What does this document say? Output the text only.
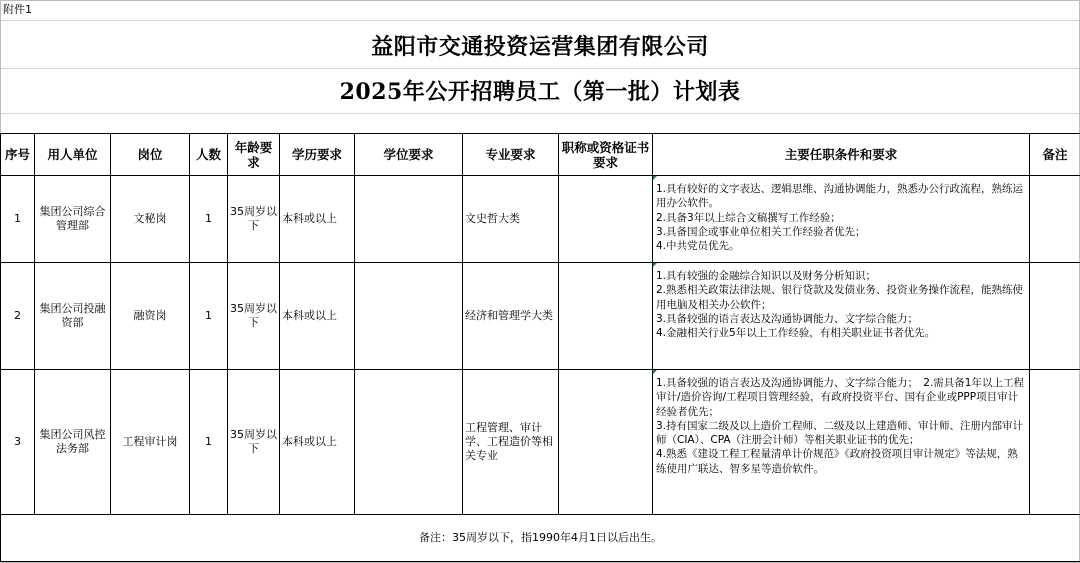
附件1
益阳市交通投资运营集团有限公司
2025年公开招聘员工（第一批）计划表
序号	用人单位	岗位	人数	年龄要求	学历要求	学位要求	专业要求	职称或资格证书要求	主要任职条件和要求	备注
1	集团公司综合管理部	文秘岗	1	35周岁以下	本科或以上		文史哲大类		1.具有较好的文字表达、逻辑思维、沟通协调能力，熟悉办公行政流程，熟练运用办公软件。
2.具备3年以上综合文稿撰写工作经验；
3.具备国企或事业单位相关工作经验者优先；
4.中共党员优先。	

2	集团公司投融资部	融资岗	1	35周岁以下	本科或以上		经济和管理学大类		1.具有较强的金融综合知识以及财务分析知识；
2.熟悉相关政策法律法规、银行贷款及发债业务、投资业务操作流程，能熟练使用电脑及相关办公软件；
3.具备较强的语言表达及沟通协调能力、文字综合能力；
4.金融相关行业5年以上工作经验，有相关职业证书者优先。	

3	集团公司风控法务部	工程审计岗	1	35周岁以下	本科或以上		工程管理、审计学、工程造价等相关专业		1.具备较强的语言表达及沟通协调能力、文字综合能力；　2.需具备1年以上工程审计/造价咨询/工程项目管理经验，有政府投资平台、国有企业或PPP项目审计经验者优先；
3.持有国家二级及以上造价工程师、二级及以上建造师、审计师、注册内部审计师（CIA）、CPA（注册会计师）等相关职业证书的优先；
4.熟悉《建设工程工程量清单计价规范》《政府投资项目审计规定》等法规，熟练使用广联达、智多星等造价软件。	

备注：35周岁以下，指1990年4月1日以后出生。										
